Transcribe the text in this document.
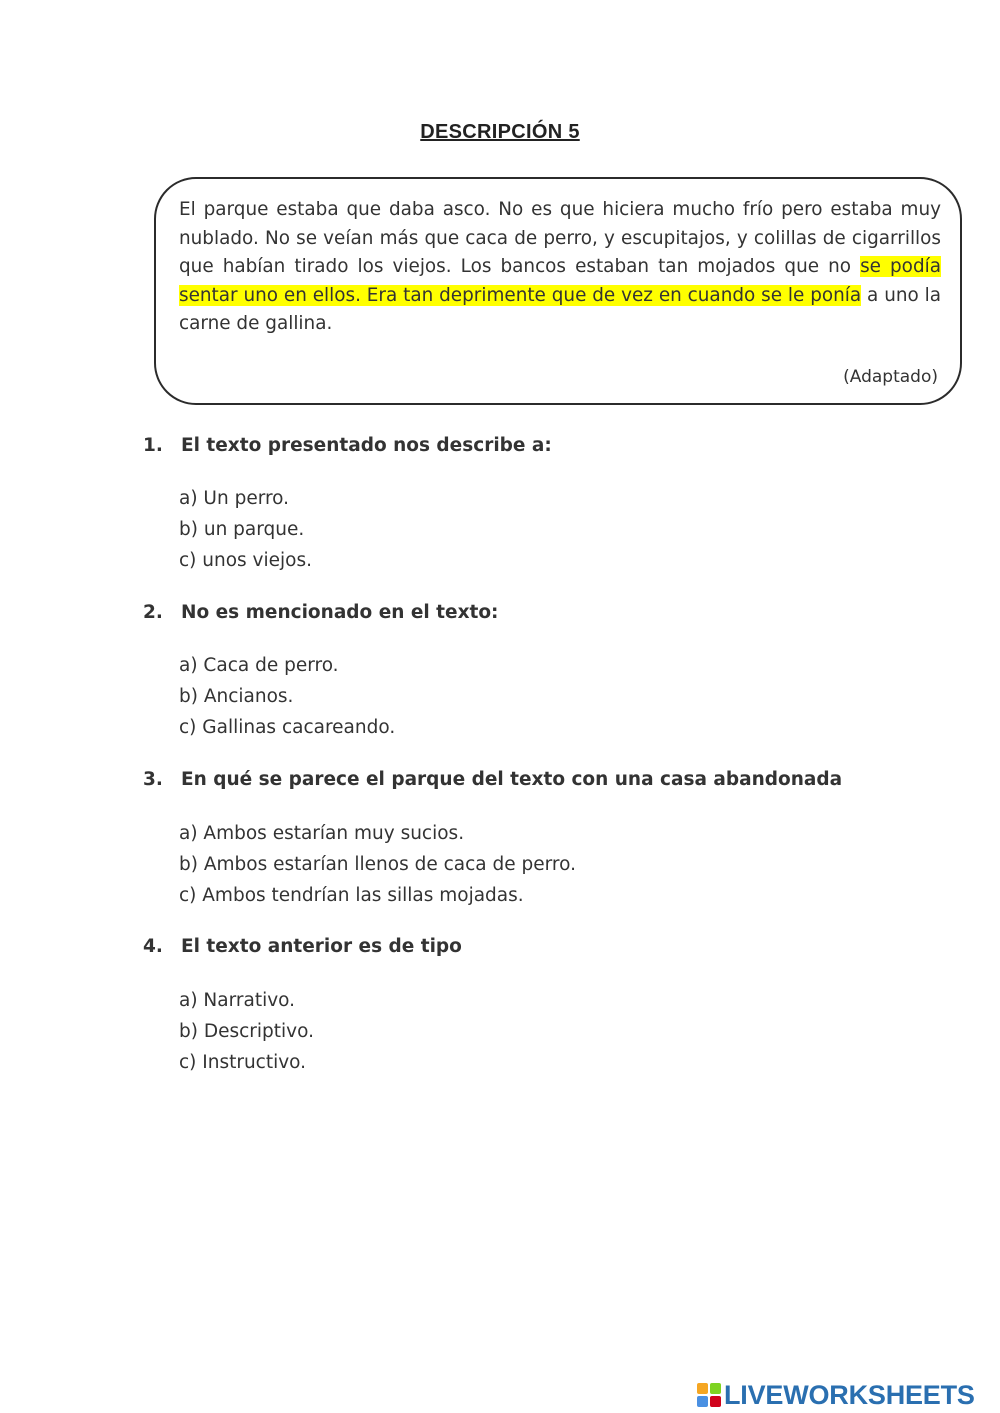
DESCRIPCIÓN 5

El parque estaba que daba asco. No es que hiciera mucho frío pero estaba muy nublado. No se veían más que caca de perro, y escupitajos, y colillas de cigarrillos que habían tirado los viejos. Los bancos estaban tan mojados que no se podía sentar uno en ellos. Era tan deprimente que de vez en cuando se le ponía a uno la carne de gallina.

(Adaptado)
1. El texto presentado nos describe a:
a) Un perro.
b) un parque.
c) unos viejos.
2. No es mencionado en el texto:
a) Caca de perro.
b) Ancianos.
c) Gallinas cacareando.
3. En qué se parece el parque del texto con una casa abandonada
a) Ambos estarían muy sucios.
b) Ambos estarían llenos de caca de perro.
c) Ambos tendrían las sillas mojadas.
4. El texto anterior es de tipo
a) Narrativo.
b) Descriptivo.
c) Instructivo.
LIVEWORKSHEETS
